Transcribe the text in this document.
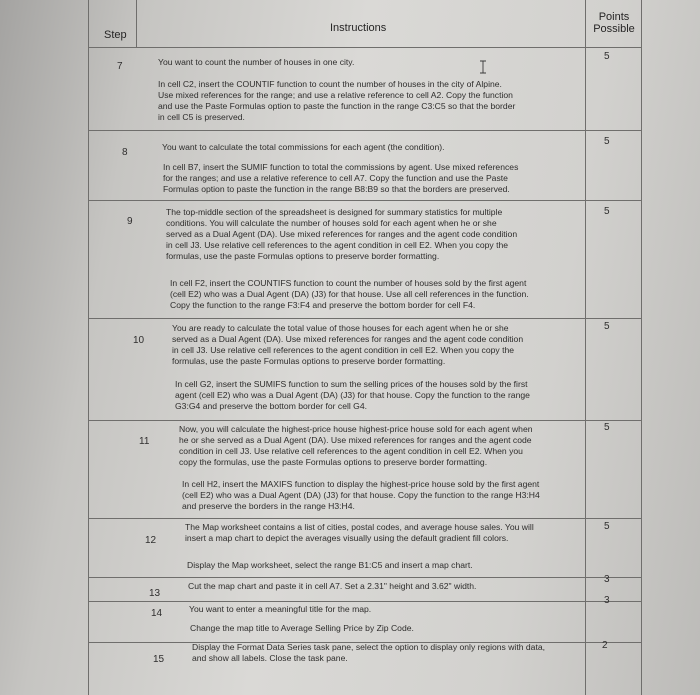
Step
Instructions
Points
Possible
7
5
You want to count the number of houses in one city.
In cell C2, insert the COUNTIF function to count the number of houses in the city of Alpine.
Use mixed references for the range; and use a relative reference to cell A2. Copy the function
and use the Paste Formulas option to paste the function in the range C3:C5 so that the border
in cell C5 is preserved.
8
5
You want to calculate the total commissions for each agent (the condition).
In cell B7, insert the SUMIF function to total the commissions by agent. Use mixed references
for the ranges; and use a relative reference to cell A7. Copy the function and use the Paste
Formulas option to paste the function in the range B8:B9 so that the borders are preserved.
9
5
The top-middle section of the spreadsheet is designed for summary statistics for multiple
conditions. You will calculate the number of houses sold for each agent when he or she
served as a Dual Agent (DA). Use mixed references for ranges and the agent code condition
in cell J3. Use relative cell references to the agent condition in cell E2. When you copy the
formulas, use the paste Formulas options to preserve border formatting.
In cell F2, insert the COUNTIFS function to count the number of houses sold by the first agent
(cell E2) who was a Dual Agent (DA) (J3) for that house. Use all cell references in the function.
Copy the function to the range F3:F4 and preserve the bottom border for cell F4.
10
5
You are ready to calculate the total value of those houses for each agent when he or she
served as a Dual Agent (DA). Use mixed references for ranges and the agent code condition
in cell J3. Use relative cell references to the agent condition in cell E2. When you copy the
formulas, use the paste Formulas options to preserve border formatting.
In cell G2, insert the SUMIFS function to sum the selling prices of the houses sold by the first
agent (cell E2) who was a Dual Agent (DA) (J3) for that house. Copy the function to the range
G3:G4 and preserve the bottom border for cell G4.
11
5
Now, you will calculate the highest-price house highest-price house sold for each agent when
he or she served as a Dual Agent (DA). Use mixed references for ranges and the agent code
condition in cell J3. Use relative cell references to the agent condition in cell E2. When you
copy the formulas, use the paste Formulas options to preserve border formatting.
In cell H2, insert the MAXIFS function to display the highest-price house sold by the first agent
(cell E2) who was a Dual Agent (DA) (J3) for that house. Copy the function to the range H3:H4
and preserve the borders in the range H3:H4.
12
5
The Map worksheet contains a list of cities, postal codes, and average house sales. You will
insert a map chart to depict the averages visually using the default gradient fill colors.
Display the Map worksheet, select the range B1:C5 and insert a map chart.
13
3
Cut the map chart and paste it in cell A7. Set a 2.31" height and 3.62" width.
14
3
You want to enter a meaningful title for the map.
Change the map title to Average Selling Price by Zip Code.
15
2
Display the Format Data Series task pane, select the option to display only regions with data,
and show all labels. Close the task pane.
